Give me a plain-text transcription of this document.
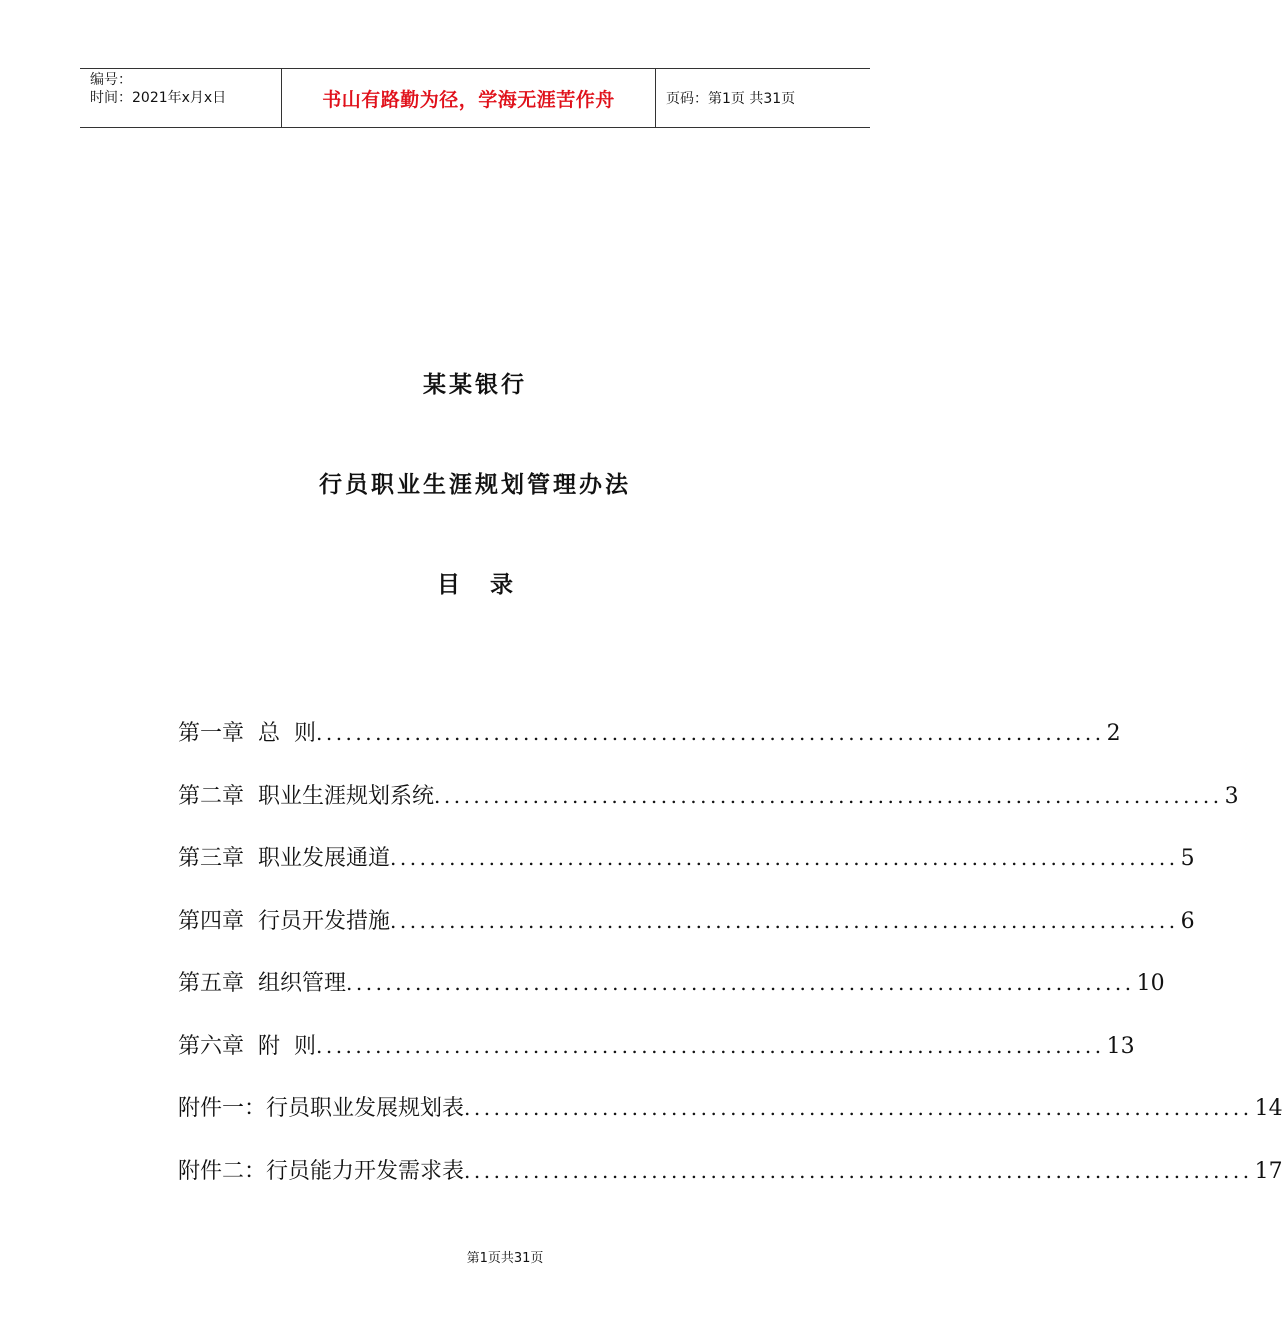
编号：
时间：2021年x月x日	书山有路勤为径，学海无涯苦作舟	页码：第1页 共31页
某某银行
行员职业生涯规划管理办法
目 录
第一章  总  则 ................................................................................ 2
第二章  职业生涯规划系统 ................................................................................ 3
第三章  职业发展通道 ................................................................................ 5
第四章  行员开发措施 ................................................................................ 6
第五章  组织管理 ................................................................................ 10
第六章  附  则 ................................................................................ 13
附件一：行员职业发展规划表 ................................................................................ 14
附件二：行员能力开发需求表 ................................................................................ 17
第1页共31页
